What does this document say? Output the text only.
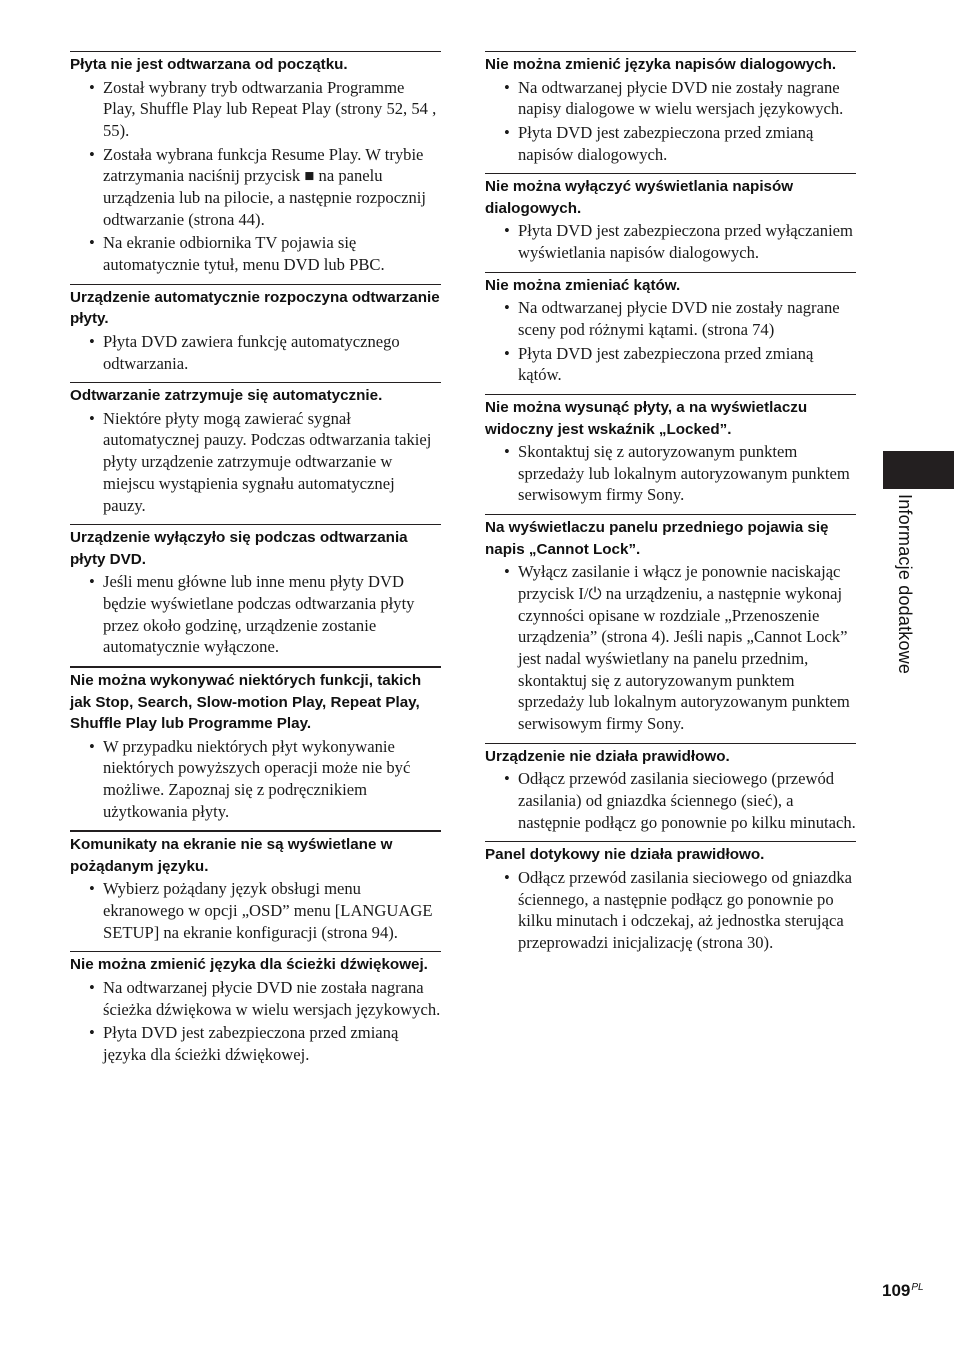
Płyta nie jest odtwarzana od początku.
• Został wybrany tryb odtwarzania Programme Play, Shuffle Play lub Repeat Play (strony 52, 54 , 55).
• Została wybrana funkcja Resume Play. W trybie zatrzymania naciśnij przycisk ■ na panelu urządzenia lub na pilocie, a następnie rozpocznij odtwarzanie (strona 44).
• Na ekranie odbiornika TV pojawia się automatycznie tytuł, menu DVD lub PBC.
Urządzenie automatycznie rozpoczyna odtwarzanie płyty.
• Płyta DVD zawiera funkcję automatycznego odtwarzania.
Odtwarzanie zatrzymuje się automatycznie.
• Niektóre płyty mogą zawierać sygnał automatycznej pauzy. Podczas odtwarzania takiej płyty urządzenie zatrzymuje odtwarzanie w miejscu wystąpienia sygnału automatycznej pauzy.
Urządzenie wyłączyło się podczas odtwarzania płyty DVD.
• Jeśli menu główne lub inne menu płyty DVD będzie wyświetlane podczas odtwarzania płyty przez około godzinę, urządzenie zostanie automatycznie wyłączone.
Nie można wykonywać niektórych funkcji, takich jak Stop, Search, Slow-motion Play, Repeat Play, Shuffle Play lub Programme Play.
• W przypadku niektórych płyt wykonywanie niektórych powyższych operacji może nie być możliwe. Zapoznaj się z podręcznikiem użytkowania płyty.
Komunikaty na ekranie nie są wyświetlane w pożądanym języku.
• Wybierz pożądany język obsługi menu ekranowego w opcji „OSD” menu [LANGUAGE SETUP] na ekranie konfiguracji (strona 94).
Nie można zmienić języka dla ścieżki dźwiękowej.
• Na odtwarzanej płycie DVD nie została nagrana ścieżka dźwiękowa w wielu wersjach językowych.
• Płyta DVD jest zabezpieczona przed zmianą języka dla ścieżki dźwiękowej.
Nie można zmienić języka napisów dialogowych.
• Na odtwarzanej płycie DVD nie zostały nagrane napisy dialogowe w wielu wersjach językowych.
• Płyta DVD jest zabezpieczona przed zmianą napisów dialogowych.
Nie można wyłączyć wyświetlania napisów dialogowych.
• Płyta DVD jest zabezpieczona przed wyłączaniem wyświetlania napisów dialogowych.
Nie można zmieniać kątów.
• Na odtwarzanej płycie DVD nie zostały nagrane sceny pod różnymi kątami. (strona 74)
• Płyta DVD jest zabezpieczona przed zmianą kątów.
Nie można wysunąć płyty, a na wyświetlaczu widoczny jest wskaźnik „Locked”.
• Skontaktuj się z autoryzowanym punktem sprzedaży lub lokalnym autoryzowanym punktem serwisowym firmy Sony.
Na wyświetlaczu panelu przedniego pojawia się napis „Cannot Lock”.
• Wyłącz zasilanie i włącz je ponownie naciskając przycisk I/⏻ na urządzeniu, a następnie wykonaj czynności opisane w rozdziale „Przenoszenie urządzenia” (strona 4). Jeśli napis „Cannot Lock” jest nadal wyświetlany na panelu przednim, skontaktuj się z autoryzowanym punktem sprzedaży lub lokalnym autoryzowanym punktem serwisowym firmy Sony.
Urządzenie nie działa prawidłowo.
• Odłącz przewód zasilania sieciowego (przewód zasilania) od gniazdka ściennego (sieć), a następnie podłącz go ponownie po kilku minutach.
Panel dotykowy nie działa prawidłowo.
• Odłącz przewód zasilania sieciowego od gniazdka ściennego, a następnie podłącz go ponownie po kilku minutach i odczekaj, aż jednostka sterująca przeprowadzi inicjalizację (strona 30).
Informacje dodatkowe
$109^{PL}$
